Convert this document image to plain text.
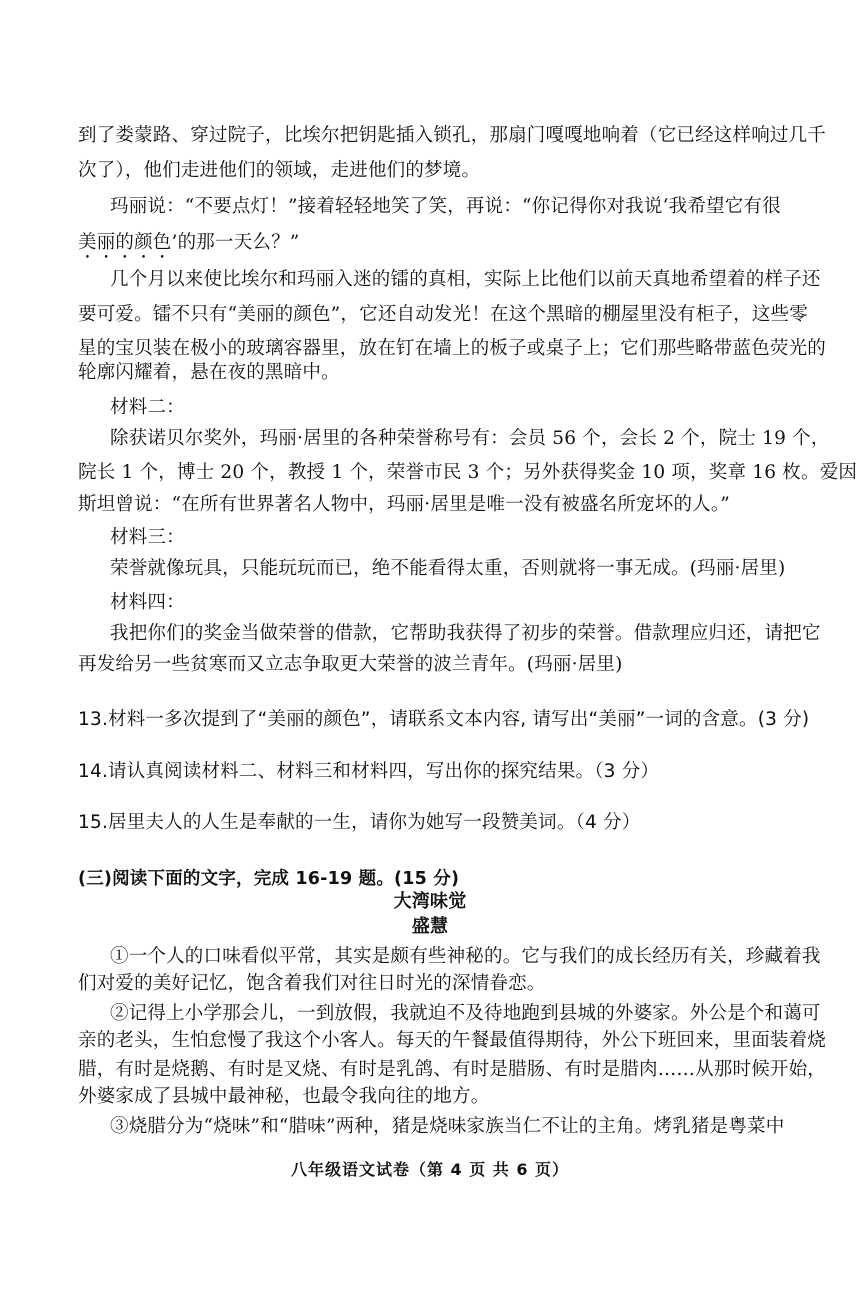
到了娄蒙路、穿过院子，比埃尔把钥匙插入锁孔，那扇门嘎嘎地响着（它已经这样响过几千
次了），他们走进他们的领域，走进他们的梦境。
玛丽说：“不要点灯！”接着轻轻地笑了笑，再说：“你记得你对我说‘我希望它有很
美丽的颜色’的那一天么？”
几个月以来使比埃尔和玛丽入迷的镭的真相，实际上比他们以前天真地希望着的样子还
要可爱。镭不只有“美丽的颜色”，它还自动发光！在这个黑暗的棚屋里没有柜子，这些零
星的宝贝装在极小的玻璃容器里，放在钉在墙上的板子或桌子上；它们那些略带蓝色荧光的
轮廓闪耀着，悬在夜的黑暗中。
材料二：
除获诺贝尔奖外，玛丽·居里的各种荣誉称号有：会员 56 个，会长 2 个，院士 19 个，
院长 1 个，博士 20 个，教授 1 个，荣誉市民 3 个；另外获得奖金 10 项，奖章 16 枚。爱因
斯坦曾说：“在所有世界著名人物中，玛丽·居里是唯一没有被盛名所宠坏的人。”
材料三：
荣誉就像玩具，只能玩玩而已，绝不能看得太重，否则就将一事无成。(玛丽·居里)
材料四：
我把你们的奖金当做荣誉的借款，它帮助我获得了初步的荣誉。借款理应归还，请把它
再发给另一些贫寒而又立志争取更大荣誉的波兰青年。(玛丽·居里)
13.材料一多次提到了“美丽的颜色”，请联系文本内容, 请写出“美丽”一词的含意。(3 分)
14.请认真阅读材料二、材料三和材料四，写出你的探究结果。（3 分）
15.居里夫人的人生是奉献的一生，请你为她写一段赞美词。（4 分）
(三)阅读下面的文字，完成 16-19 题。(15 分)
大湾味觉
盛慧
①一个人的口味看似平常，其实是颇有些神秘的。它与我们的成长经历有关，珍藏着我
们对爱的美好记忆，饱含着我们对往日时光的深情眷恋。
②记得上小学那会儿，一到放假，我就迫不及待地跑到县城的外婆家。外公是个和蔼可
亲的老头，生怕怠慢了我这个小客人。每天的午餐最值得期待，外公下班回来，里面装着烧
腊，有时是烧鹅、有时是叉烧、有时是乳鸽、有时是腊肠、有时是腊肉……从那时候开始，
外婆家成了县城中最神秘，也最令我向往的地方。
③烧腊分为“烧味”和“腊味”两种，猪是烧味家族当仁不让的主角。烤乳猪是粤菜中
八年级语文试卷（第 4 页 共 6 页）
